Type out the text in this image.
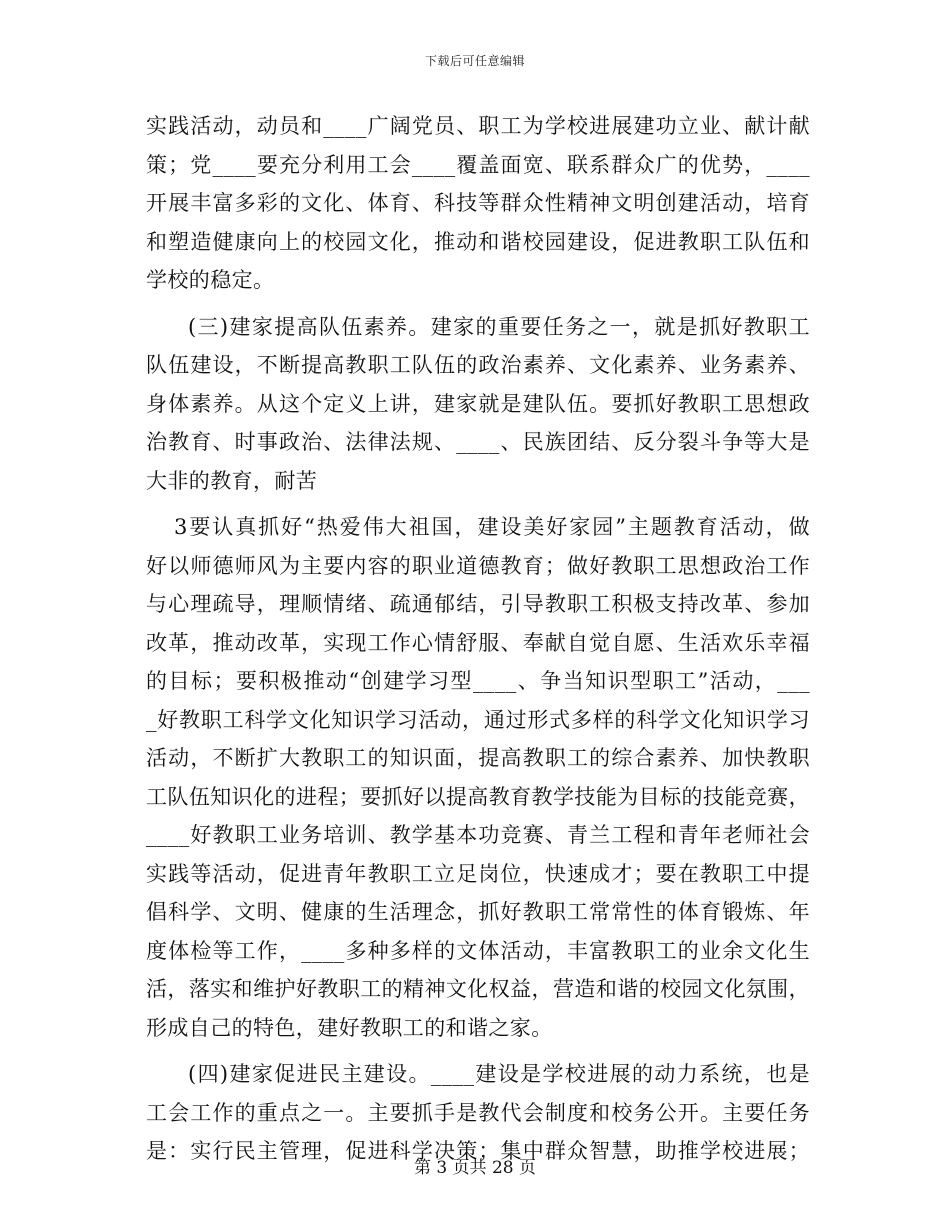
下载后可任意编辑
实践活动，动员和____广阔党员、职工为学校进展建功立业、献计献
策；党____要充分利用工会____覆盖面宽、联系群众广的优势，____
开展丰富多彩的文化、体育、科技等群众性精神文明创建活动，培育
和塑造健康向上的校园文化，推动和谐校园建设，促进教职工队伍和
学校的稳定。
(三)建家提高队伍素养。建家的重要任务之一，就是抓好教职工
队伍建设，不断提高教职工队伍的政治素养、文化素养、业务素养、
身体素养。从这个定义上讲，建家就是建队伍。要抓好教职工思想政
治教育、时事政治、法律法规、____、民族团结、反分裂斗争等大是
大非的教育，耐苦
3要认真抓好“热爱伟大祖国，建设美好家园”主题教育活动，做
好以师德师风为主要内容的职业道德教育；做好教职工思想政治工作
与心理疏导，理顺情绪、疏通郁结，引导教职工积极支持改革、参加
改革，推动改革，实现工作心情舒服、奉献自觉自愿、生活欢乐幸福
的目标；要积极推动“创建学习型____、争当知识型职工”活动，___
_好教职工科学文化知识学习活动，通过形式多样的科学文化知识学习
活动，不断扩大教职工的知识面，提高教职工的综合素养、加快教职
工队伍知识化的进程；要抓好以提高教育教学技能为目标的技能竞赛，
____好教职工业务培训、教学基本功竞赛、青兰工程和青年老师社会
实践等活动，促进青年教职工立足岗位，快速成才；要在教职工中提
倡科学、文明、健康的生活理念，抓好教职工常常性的体育锻炼、年
度体检等工作，____多种多样的文体活动，丰富教职工的业余文化生
活，落实和维护好教职工的精神文化权益，营造和谐的校园文化氛围，
形成自己的特色，建好教职工的和谐之家。
(四)建家促进民主建设。____建设是学校进展的动力系统，也是
工会工作的重点之一。主要抓手是教代会制度和校务公开。主要任务
是：实行民主管理，促进科学决策；集中群众智慧，助推学校进展；
第 3 页共 28 页
